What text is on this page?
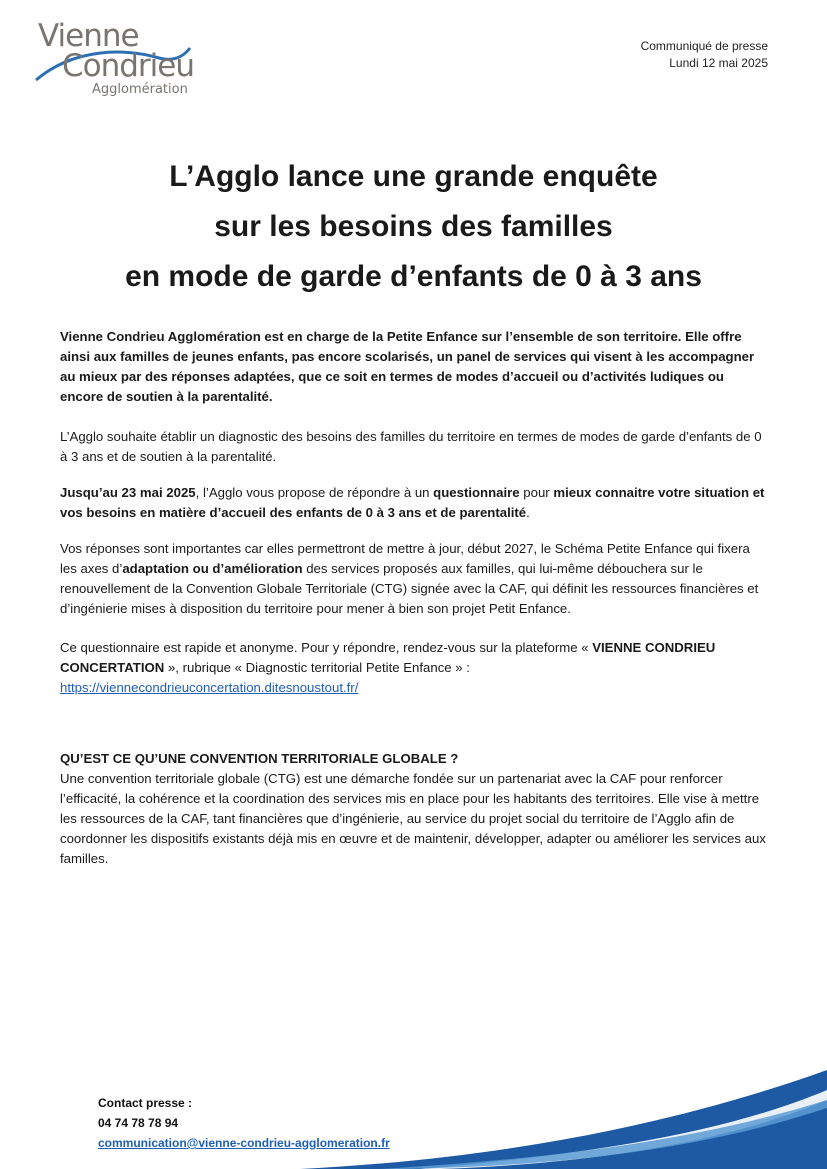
Vienne
Condrieu
Agglomération
Communiqué de presse
Lundi 12 mai 2025
L’Agglo lance une grande enquête
sur les besoins des familles
en mode de garde d’enfants de 0 à 3 ans

Vienne Condrieu Agglomération est en charge de la Petite Enfance sur l’ensemble de son territoire. Elle offre ainsi aux familles de jeunes enfants, pas encore scolarisés, un panel de services qui visent à les accompagner au mieux par des réponses adaptées, que ce soit en termes de modes d’accueil ou d’activités ludiques ou encore de soutien à la parentalité.

L’Agglo souhaite établir un diagnostic des besoins des familles du territoire en termes de modes de garde d’enfants de 0 à 3 ans et de soutien à la parentalité.

Jusqu’au 23 mai 2025, l’Agglo vous propose de répondre à un questionnaire pour mieux connaitre votre situation et vos besoins en matière d’accueil des enfants de 0 à 3 ans et de parentalité.

Vos réponses sont importantes car elles permettront de mettre à jour, début 2027, le Schéma Petite Enfance qui fixera les axes d’adaptation ou d’amélioration des services proposés aux familles, qui lui-même débouchera sur le renouvellement de la Convention Globale Territoriale (CTG) signée avec la CAF, qui définit les ressources financières et d’ingénierie mises à disposition du territoire pour mener à bien son projet Petit Enfance.

Ce questionnaire est rapide et anonyme. Pour y répondre, rendez-vous sur la plateforme « VIENNE CONDRIEU CONCERTATION », rubrique « Diagnostic territorial Petite Enfance » :
https://viennecondrieuconcertation.ditesnoustout.fr/

QU’EST CE QU’UNE CONVENTION TERRITORIALE GLOBALE ?

Une convention territoriale globale (CTG) est une démarche fondée sur un partenariat avec la CAF pour renforcer l’efficacité, la cohérence et la coordination des services mis en place pour les habitants des territoires. Elle vise à mettre les ressources de la CAF, tant financières que d’ingénierie, au service du projet social du territoire de l’Agglo afin de coordonner les dispositifs existants déjà mis en œuvre et de maintenir, développer, adapter ou améliorer les services aux familles.

Contact presse :
04 74 78 78 94
communication@vienne-condrieu-agglomeration.fr
